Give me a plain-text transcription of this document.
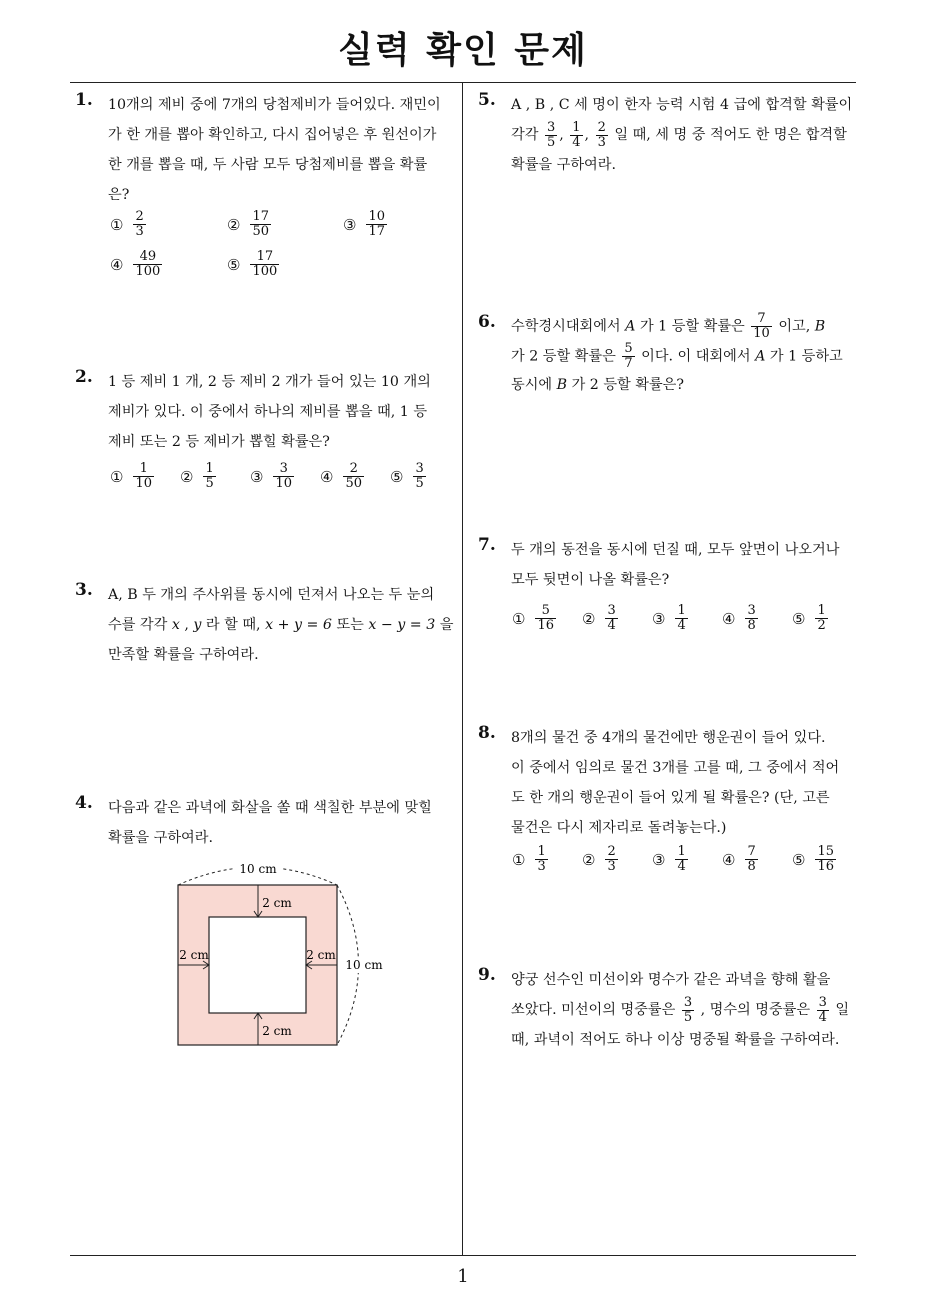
실력 확인 문제
1
1. 10개의 제비 중에 7개의 당첨제비가 들어있다. 재민이
가 한 개를 뽑아 확인하고, 다시 집어넣은 후 원선이가
한 개를 뽑을 때, 두 사람 모두 당첨제비를 뽑을 확률
은?
① $\frac{2}{3}$	② $\frac{17}{50}$	③ $\frac{10}{17}$
④ $\frac{49}{100}$	⑤ $\frac{17}{100}$
2. 1 등 제비 1 개, 2 등 제비 2 개가 들어 있는 10 개의
제비가 있다. 이 중에서 하나의 제비를 뽑을 때, 1 등
제비 또는 2 등 제비가 뽑힐 확률은?
① $\frac{1}{10}$ ② $\frac{1}{5}$ ③ $\frac{3}{10}$ ④ $\frac{2}{50}$ ⑤ $\frac{3}{5}$
3. A, B 두 개의 주사위를 동시에 던져서 나오는 두 눈의
수를 각각 x , y 라 할 때, x + y = 6 또는 x − y = 3 을
만족할 확률을 구하여라.
4. 다음과 같은 과녁에 화살을 쏠 때 색칠한 부분에 맞힐
확률을 구하여라.
10 cm
10 cm
2 cm
2 cm
2 cm	2 cm
5. A , B , C 세 명이 한자 능력 시험 4 급에 합격할 확률이
각각 $\frac{3}{5}$ , $\frac{1}{4}$ , $\frac{2}{3}$ 일 때, 세 명 중 적어도 한 명은 합격할
확률을 구하여라.
6. 수학경시대회에서 A 가 1 등할 확률은 $\frac{7}{10}$ 이고, B
가 2 등할 확률은 $\frac{5}{7}$ 이다. 이 대회에서 A 가 1 등하고
동시에 B 가 2 등할 확률은?
7. 두 개의 동전을 동시에 던질 때, 모두 앞면이 나오거나
모두 뒷면이 나올 확률은?
① $\frac{5}{16}$ ② $\frac{3}{4}$ ③ $\frac{1}{4}$ ④ $\frac{3}{8}$ ⑤ $\frac{1}{2}$
8. 8개의 물건 중 4개의 물건에만 행운권이 들어 있다.
이 중에서 임의로 물건 3개를 고를 때, 그 중에서 적어
도 한 개의 행운권이 들어 있게 될 확률은? (단, 고른
물건은 다시 제자리로 돌려놓는다.)
① $\frac{1}{3}$ ② $\frac{2}{3}$ ③ $\frac{1}{4}$ ④ $\frac{7}{8}$ ⑤ $\frac{15}{16}$
9. 양궁 선수인 미선이와 명수가 같은 과녁을 향해 활을
쏘았다. 미선이의 명중률은 $\frac{3}{5}$ , 명수의 명중률은 $\frac{3}{4}$ 일
때, 과녁이 적어도 하나 이상 명중될 확률을 구하여라.
